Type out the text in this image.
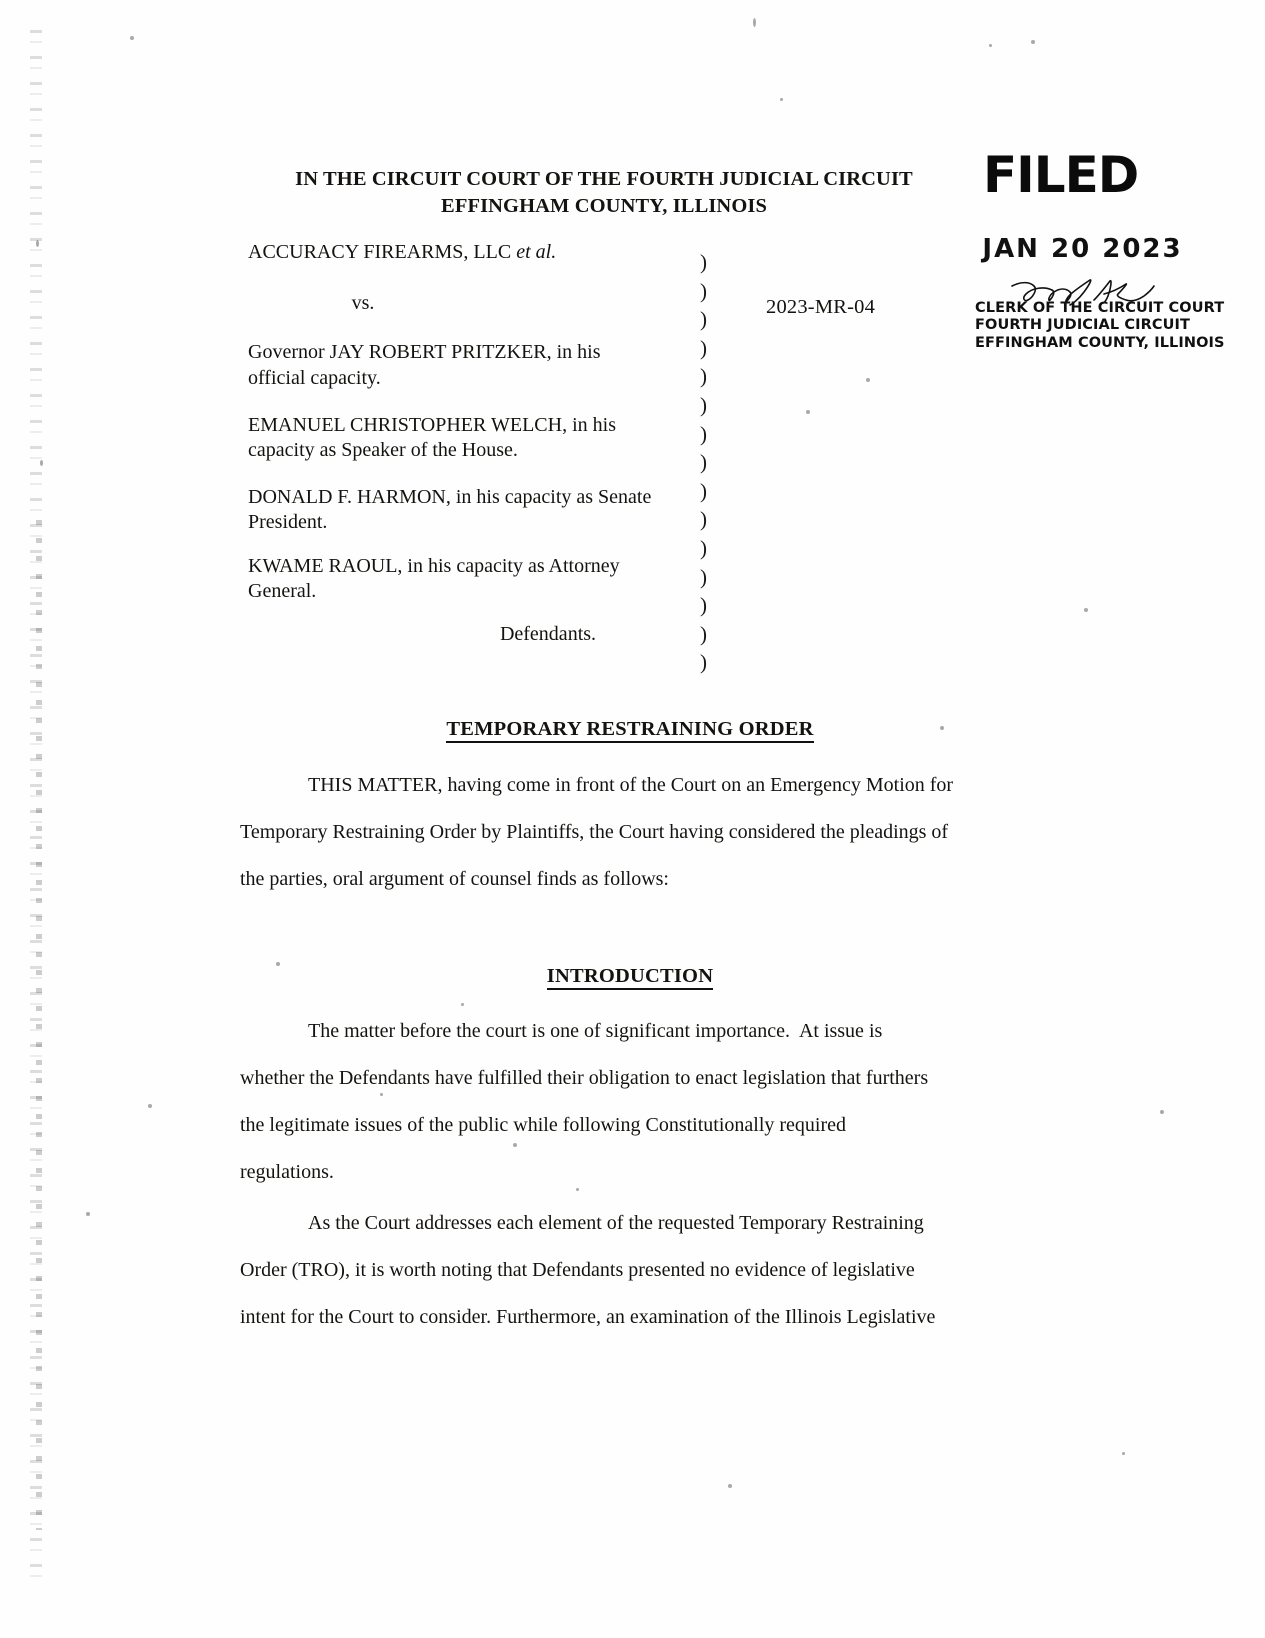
IN THE CIRCUIT COURT OF THE FOURTH JUDICIAL CIRCUIT
EFFINGHAM COUNTY, ILLINOIS
FILED
JAN 20 2023
CLERK OF THE CIRCUIT COURT
FOURTH JUDICIAL CIRCUIT
EFFINGHAM COUNTY, ILLINOIS
ACCURACY FIREARMS, LLC et al.
vs.
Governor JAY ROBERT PRITZKER, in his
official capacity.
EMANUEL CHRISTOPHER WELCH, in his
capacity as Speaker of the House.
DONALD F. HARMON, in his capacity as Senate
President.
KWAME RAOUL, in his capacity as Attorney
General.
Defendants.
)
)
)
)
)
)
)
)
)
)
)
)
)
)
)
2023-MR-04
TEMPORARY RESTRAINING ORDER
THIS MATTER, having come in front of the Court on an Emergency Motion for
Temporary Restraining Order by Plaintiffs, the Court having considered the pleadings of
the parties, oral argument of counsel finds as follows:
INTRODUCTION
The matter before the court is one of significant importance.  At issue is
whether the Defendants have fulfilled their obligation to enact legislation that furthers
the legitimate issues of the public while following Constitutionally required
regulations.
As the Court addresses each element of the requested Temporary Restraining
Order (TRO), it is worth noting that Defendants presented no evidence of legislative
intent for the Court to consider. Furthermore, an examination of the Illinois Legislative
